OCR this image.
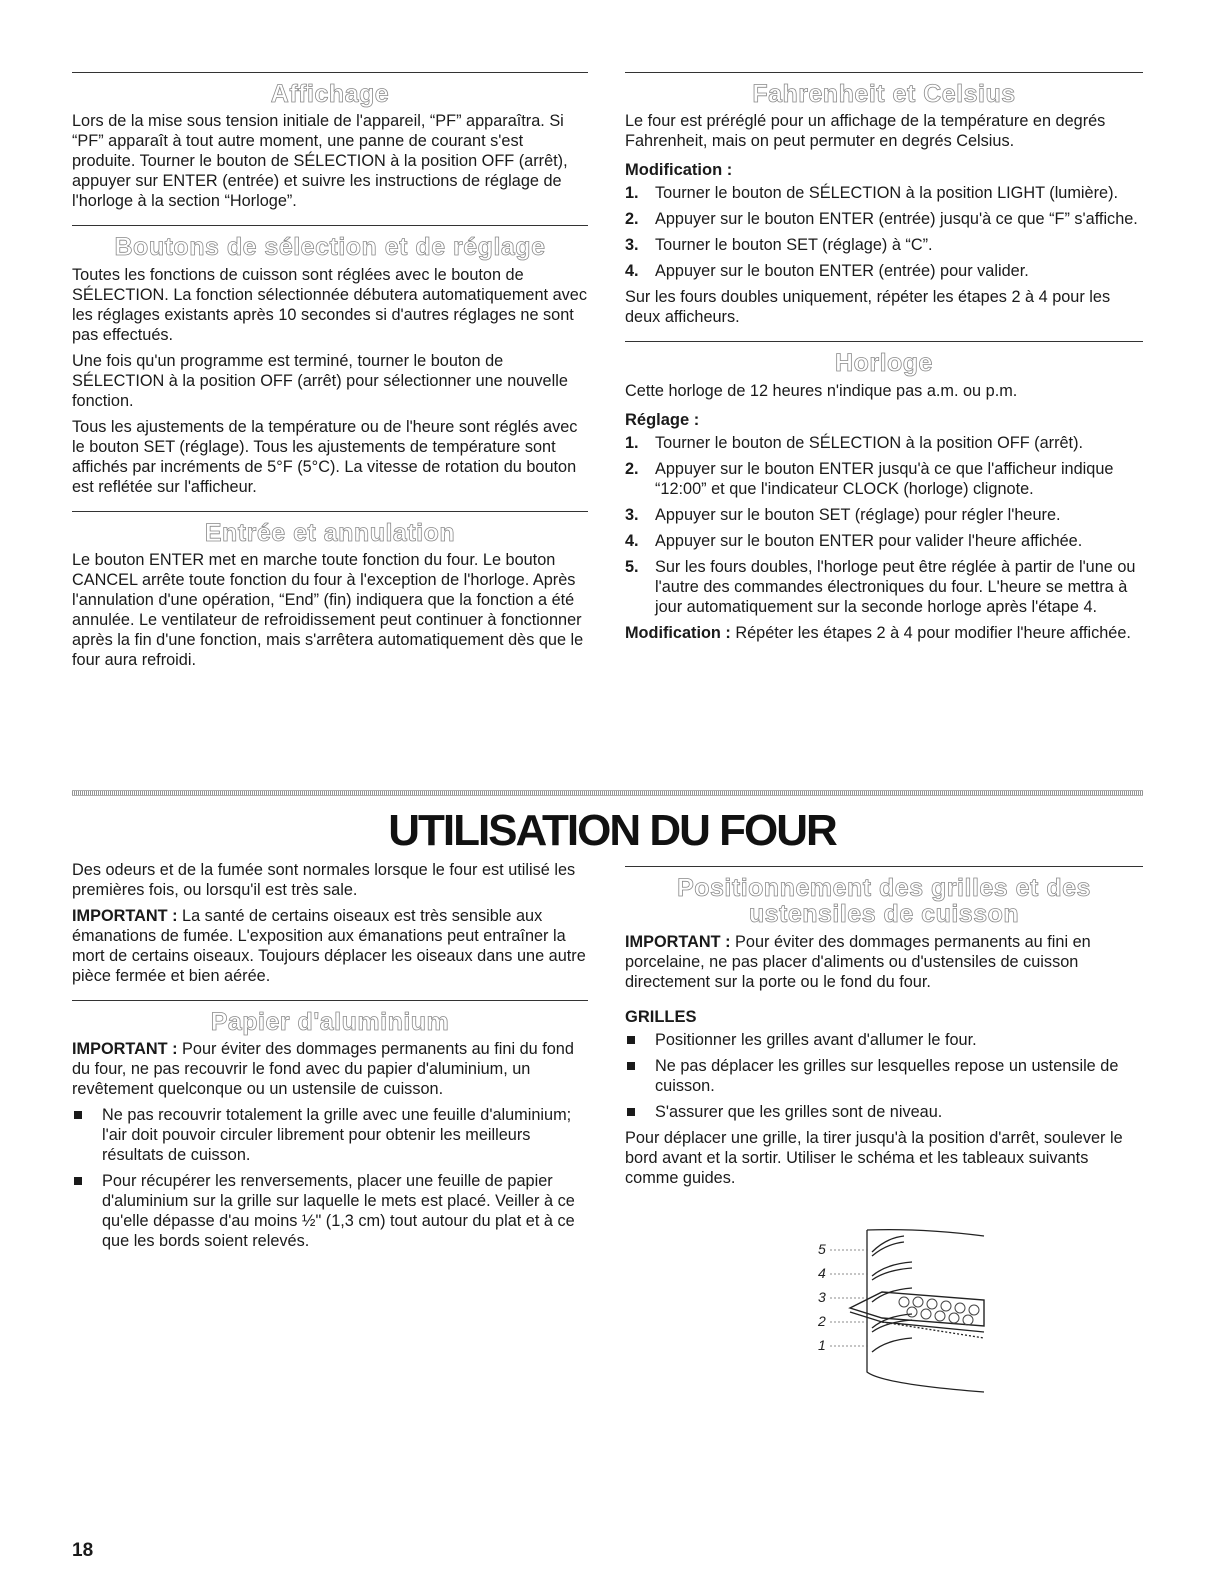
Affichage

Lors de la mise sous tension initiale de l'appareil, “PF” apparaîtra. Si “PF” apparaît à tout autre moment, une panne de courant s'est produite. Tourner le bouton de SÉLECTION à la position OFF (arrêt), appuyer sur ENTER (entrée) et suivre les instructions de réglage de l'horloge à la section “Horloge”.

Boutons de sélection et de réglage

Toutes les fonctions de cuisson sont réglées avec le bouton de SÉLECTION. La fonction sélectionnée débutera automatiquement avec les réglages existants après 10 secondes si d'autres réglages ne sont pas effectués.

Une fois qu'un programme est terminé, tourner le bouton de SÉLECTION à la position OFF (arrêt) pour sélectionner une nouvelle fonction.

Tous les ajustements de la température ou de l'heure sont réglés avec le bouton SET (réglage). Tous les ajustements de température sont affichés par incréments de 5°F (5°C). La vitesse de rotation du bouton est reflétée sur l'afficheur.

Entrée et annulation

Le bouton ENTER met en marche toute fonction du four. Le bouton CANCEL arrête toute fonction du four à l'exception de l'horloge. Après l'annulation d'une opération, “End” (fin) indiquera que la fonction a été annulée. Le ventilateur de refroidissement peut continuer à fonctionner après la fin d'une fonction, mais s'arrêtera automatiquement dès que le four aura refroidi.

Fahrenheit et Celsius

Le four est préréglé pour un affichage de la température en degrés Fahrenheit, mais on peut permuter en degrés Celsius.

Modification :
1. Tourner le bouton de SÉLECTION à la position LIGHT (lumière).
2. Appuyer sur le bouton ENTER (entrée) jusqu'à ce que “F” s'affiche.
3. Tourner le bouton SET (réglage) à “C”.
4. Appuyer sur le bouton ENTER (entrée) pour valider.

Sur les fours doubles uniquement, répéter les étapes 2 à 4 pour les deux afficheurs.

Horloge

Cette horloge de 12 heures n'indique pas a.m. ou p.m.

Réglage :
1. Tourner le bouton de SÉLECTION à la position OFF (arrêt).
2. Appuyer sur le bouton ENTER jusqu'à ce que l'afficheur indique “12:00” et que l'indicateur CLOCK (horloge) clignote.
3. Appuyer sur le bouton SET (réglage) pour régler l'heure.
4. Appuyer sur le bouton ENTER pour valider l'heure affichée.
5. Sur les fours doubles, l'horloge peut être réglée à partir de l'une ou l'autre des commandes électroniques du four. L'heure se mettra à jour automatiquement sur la seconde horloge après l'étape 4.

Modification : Répéter les étapes 2 à 4 pour modifier l'heure affichée.

UTILISATION DU FOUR

Des odeurs et de la fumée sont normales lorsque le four est utilisé les premières fois, ou lorsqu'il est très sale.

IMPORTANT : La santé de certains oiseaux est très sensible aux émanations de fumée. L'exposition aux émanations peut entraîner la mort de certains oiseaux. Toujours déplacer les oiseaux dans une autre pièce fermée et bien aérée.

Papier d'aluminium

IMPORTANT : Pour éviter des dommages permanents au fini du fond du four, ne pas recouvrir le fond avec du papier d'aluminium, un revêtement quelconque ou un ustensile de cuisson.

Ne pas recouvrir totalement la grille avec une feuille d'aluminium; l'air doit pouvoir circuler librement pour obtenir les meilleurs résultats de cuisson.
Pour récupérer les renversements, placer une feuille de papier d'aluminium sur la grille sur laquelle le mets est placé. Veiller à ce qu'elle dépasse d'au moins ½" (1,3 cm) tout autour du plat et à ce que les bords soient relevés.
Positionnement des grilles et des ustensiles de cuisson

IMPORTANT : Pour éviter des dommages permanents au fini en porcelaine, ne pas placer d'aliments ou d'ustensiles de cuisson directement sur la porte ou le fond du four.

GRILLES
Positionner les grilles avant d'allumer le four.
Ne pas déplacer les grilles sur lesquelles repose un ustensile de cuisson.
S'assurer que les grilles sont de niveau.

Pour déplacer une grille, la tirer jusqu'à la position d'arrêt, soulever le bord avant et la sortir. Utiliser le schéma et les tableaux suivants comme guides.

5
4
3
2
1
18
